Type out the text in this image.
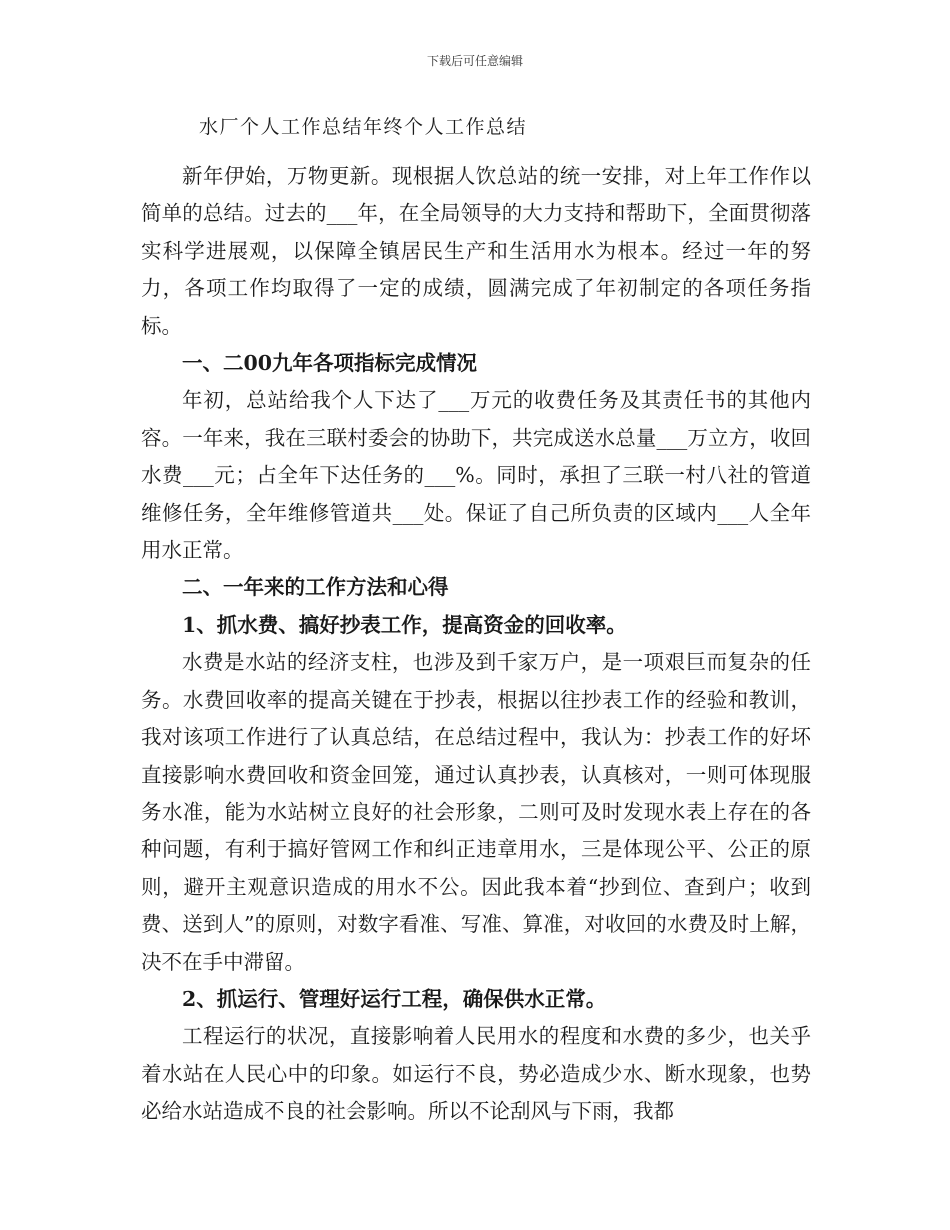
下载后可任意编辑
水厂个人工作总结年终个人工作总结

新年伊始，万物更新。现根据人饮总站的统一安排，对上年工作作以简单的总结。过去的___年，在全局领导的大力支持和帮助下，全面贯彻落实科学进展观，以保障全镇居民生产和生活用水为根本。经过一年的努力，各项工作均取得了一定的成绩，圆满完成了年初制定的各项任务指标。

一、二00九年各项指标完成情况

年初，总站给我个人下达了___万元的收费任务及其责任书的其他内容。一年来，我在三联村委会的协助下，共完成送水总量___万立方，收回水费___元；占全年下达任务的___%。同时，承担了三联一村八社的管道维修任务，全年维修管道共___处。保证了自己所负责的区域内___人全年用水正常。

二、一年来的工作方法和心得

1、抓水费、搞好抄表工作，提高资金的回收率。

水费是水站的经济支柱，也涉及到千家万户，是一项艰巨而复杂的任务。水费回收率的提高关键在于抄表，根据以往抄表工作的经验和教训，我对该项工作进行了认真总结，在总结过程中，我认为：抄表工作的好坏直接影响水费回收和资金回笼，通过认真抄表，认真核对，一则可体现服务水准，能为水站树立良好的社会形象，二则可及时发现水表上存在的各种问题，有利于搞好管网工作和纠正违章用水，三是体现公平、公正的原则，避开主观意识造成的用水不公。因此我本着“抄到位、查到户；收到费、送到人”的原则，对数字看准、写准、算准，对收回的水费及时上解，决不在手中滞留。

2、抓运行、管理好运行工程，确保供水正常。

工程运行的状况，直接影响着人民用水的程度和水费的多少，也关乎着水站在人民心中的印象。如运行不良，势必造成少水、断水现象，也势必给水站造成不良的社会影响。所以不论刮风与下雨，我都
